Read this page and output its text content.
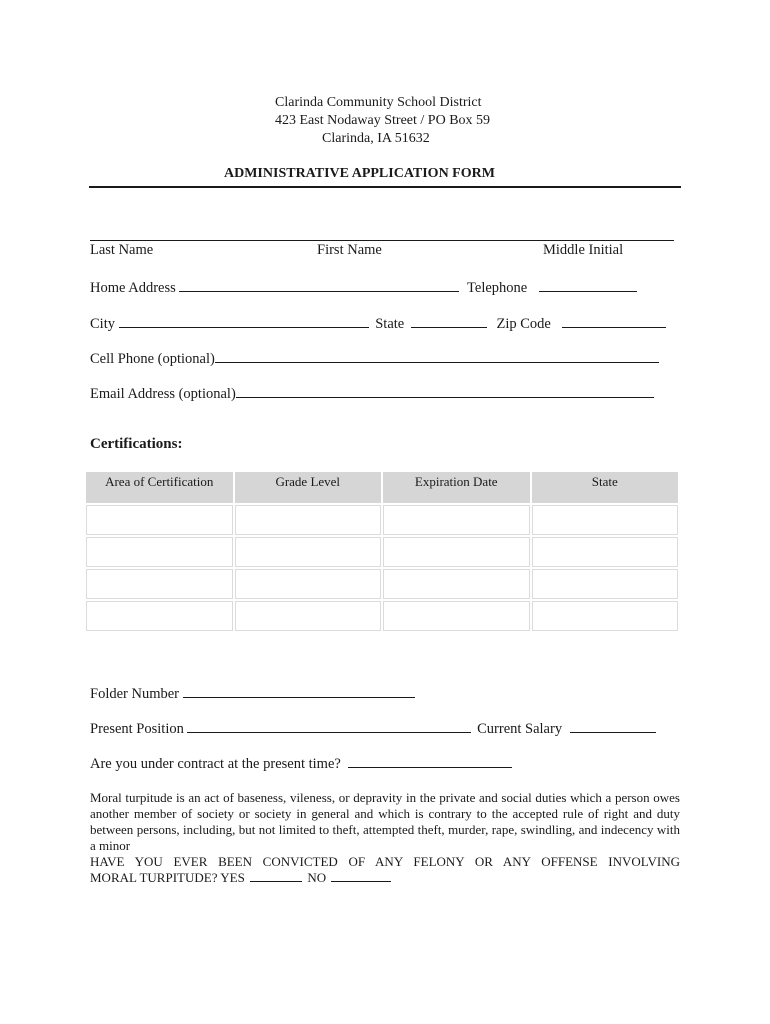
Clarinda Community School District
423 East Nodaway Street / PO Box 59
Clarinda, IA 51632
ADMINISTRATIVE APPLICATION FORM
Last Name	First Name	Middle Initial
Home Address	Telephone
City	State	Zip Code
Cell Phone (optional)
Email Address (optional)
Certifications:
Area of Certification	Grade Level	Expiration Date	State

Folder Number
Present Position	Current Salary
Are you under contract at the present time?
Moral turpitude is an act of baseness, vileness, or depravity in the private and social duties which a person owes another member of society or society in general and which is contrary to the accepted rule of right and duty between persons, including, but not limited to theft, attempted theft, murder, rape, swindling, and indecency with a minor
HAVE YOU EVER BEEN CONVICTED OF ANY FELONY OR ANY OFFENSE INVOLVING
MORAL TURPITUDE? YES	NO
